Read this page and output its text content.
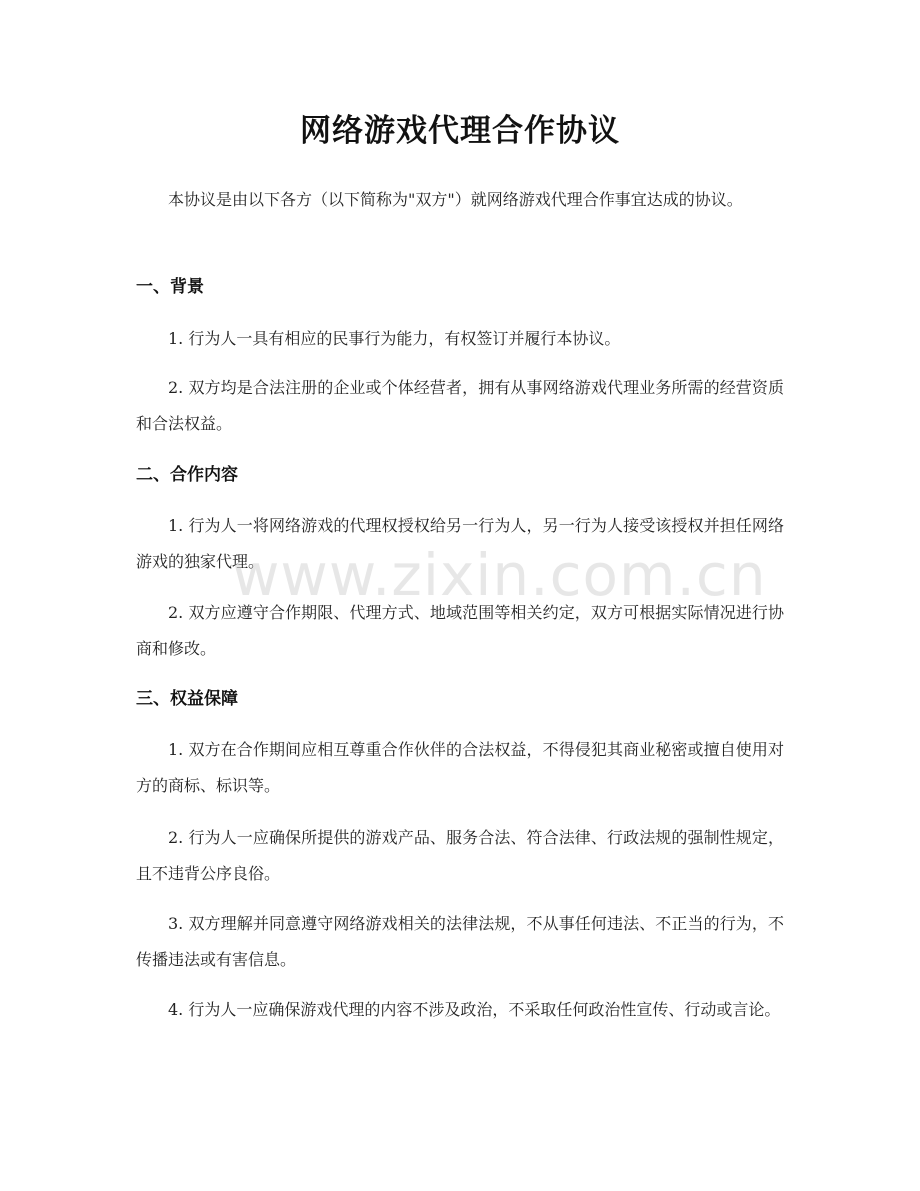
网络游戏代理合作协议

本协议是由以下各方（以下简称为"双方"）就网络游戏代理合作事宜达成的协议。

一、背景

1. 行为人一具有相应的民事行为能力，有权签订并履行本协议。

2. 双方均是合法注册的企业或个体经营者，拥有从事网络游戏代理业务所需的经营资质和合法权益。

二、合作内容

1. 行为人一将网络游戏的代理权授权给另一行为人，另一行为人接受该授权并担任网络游戏的独家代理。

2. 双方应遵守合作期限、代理方式、地域范围等相关约定，双方可根据实际情况进行协商和修改。

三、权益保障

1. 双方在合作期间应相互尊重合作伙伴的合法权益，不得侵犯其商业秘密或擅自使用对方的商标、标识等。

2. 行为人一应确保所提供的游戏产品、服务合法、符合法律、行政法规的强制性规定，且不违背公序良俗。

3. 双方理解并同意遵守网络游戏相关的法律法规，不从事任何违法、不正当的行为，不传播违法或有害信息。

4. 行为人一应确保游戏代理的内容不涉及政治，不采取任何政治性宣传、行动或言论。

www.zixin.com.cn
